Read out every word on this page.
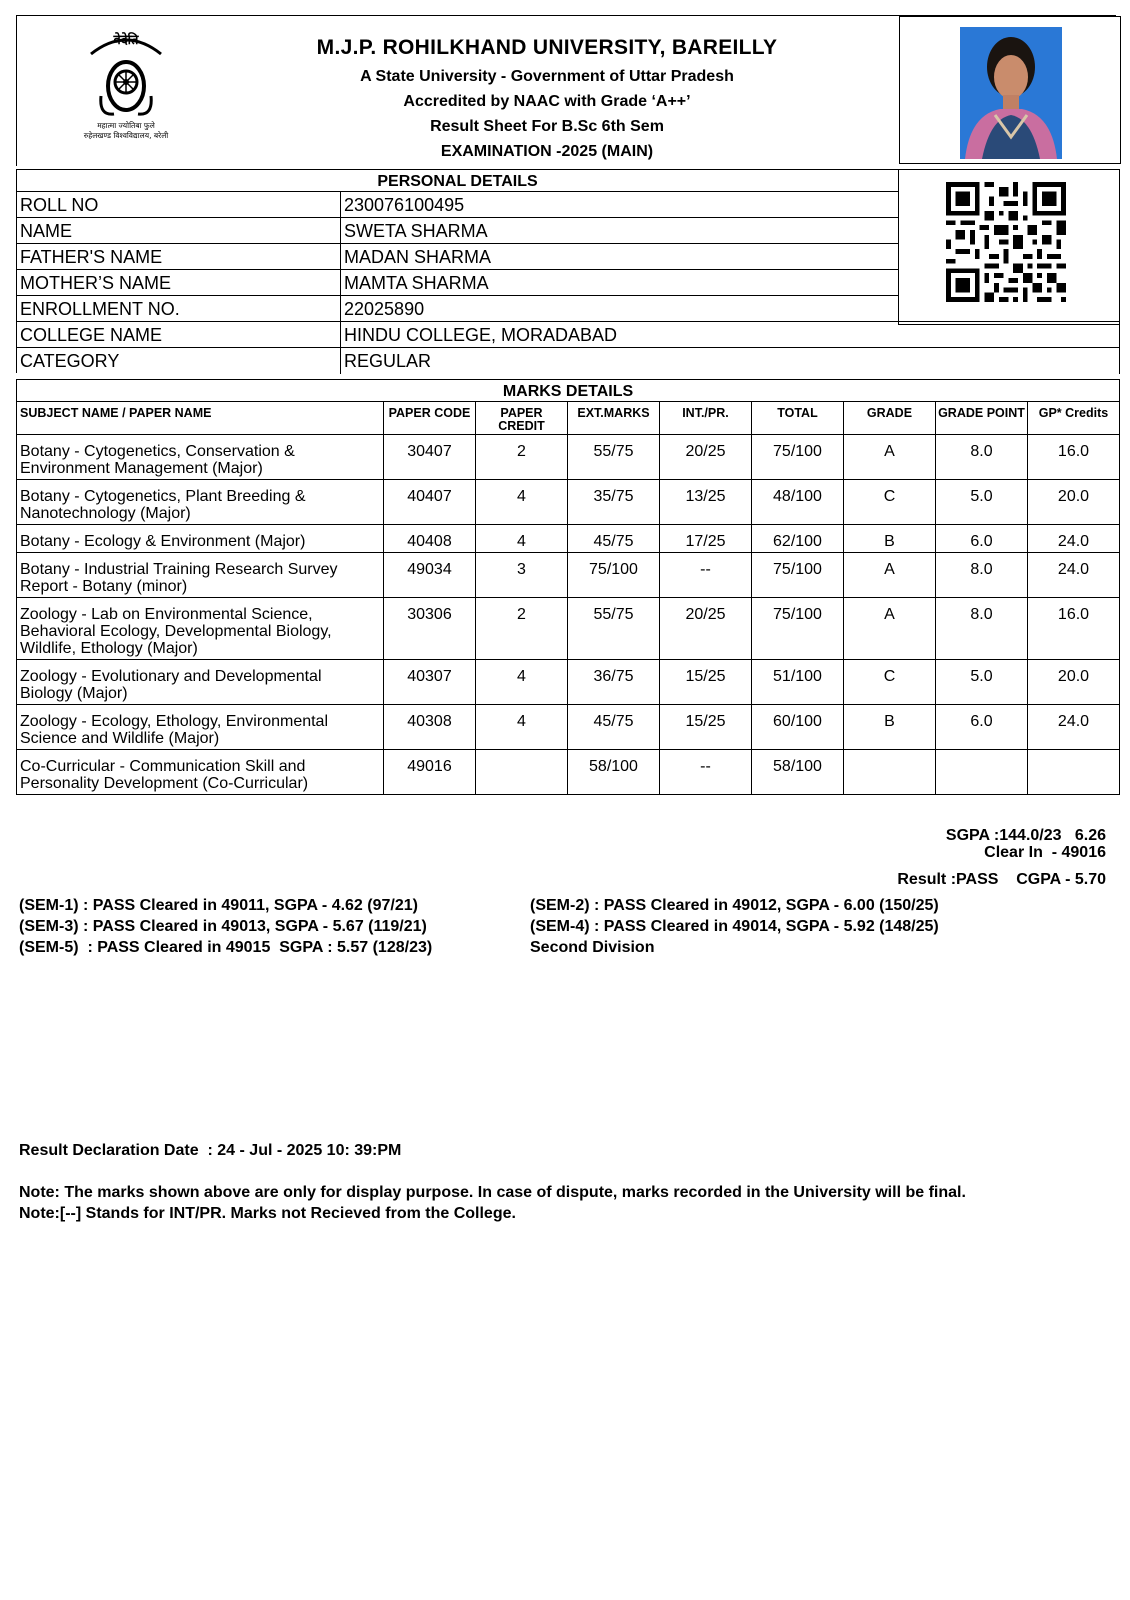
वेदेति
महात्मा ज्योतिबा फुले
रुहेलखण्ड विश्वविद्यालय, बरेली
M.J.P. ROHILKHAND UNIVERSITY, BAREILLY
A State University - Government of Uttar Pradesh
Accredited by NAAC with Grade ‘A++’
Result Sheet For B.Sc 6th Sem
EXAMINATION -2025 (MAIN)
PERSONAL DETAILS
ROLL NO	230076100495
NAME	SWETA SHARMA
FATHER'S NAME	MADAN SHARMA
MOTHER’S NAME	MAMTA SHARMA
ENROLLMENT NO.	22025890
COLLEGE NAME	HINDU COLLEGE, MORADABAD
CATEGORY	REGULAR
MARKS DETAILS
SUBJECT NAME / PAPER NAME	PAPER CODE	PAPER CREDIT	EXT.MARKS	INT./PR.	TOTAL	GRADE	GRADE POINT	GP* Credits
Botany - Cytogenetics, Conservation & Environment Management (Major)	30407	2	55/75	20/25	75/100	A	8.0	16.0
Botany - Cytogenetics, Plant Breeding & Nanotechnology (Major)	40407	4	35/75	13/25	48/100	C	5.0	20.0
Botany - Ecology & Environment (Major)	40408	4	45/75	17/25	62/100	B	6.0	24.0
Botany - Industrial Training Research Survey Report - Botany (minor)	49034	3	75/100	--	75/100	A	8.0	24.0
Zoology - Lab on Environmental Science, Behavioral Ecology, Developmental Biology, Wildlife, Ethology (Major)	30306	2	55/75	20/25	75/100	A	8.0	16.0
Zoology - Evolutionary and Developmental Biology (Major)	40307	4	36/75	15/25	51/100	C	5.0	20.0
Zoology - Ecology, Ethology, Environmental Science and Wildlife (Major)	40308	4	45/75	15/25	60/100	B	6.0	24.0
Co-Curricular - Communication Skill and Personality Development (Co-Curricular)	49016		58/100	--	58/100			
SGPA :144.0/23   6.26
Clear In  - 49016
Result :PASS    CGPA - 5.70
(SEM-1) : PASS Cleared in 49011, SGPA - 4.62 (97/21)
(SEM-3) : PASS Cleared in 49013, SGPA - 5.67 (119/21)
(SEM-5)  : PASS Cleared in 49015  SGPA : 5.57 (128/23)
(SEM-2) : PASS Cleared in 49012, SGPA - 6.00 (150/25)
(SEM-4) : PASS Cleared in 49014, SGPA - 5.92 (148/25)
Second Division
Result Declaration Date  : 24 - Jul - 2025 10: 39:PM
Note: The marks shown above are only for display purpose. In case of dispute, marks recorded in the University will be final.
Note:[--] Stands for INT/PR. Marks not Recieved from the College.
